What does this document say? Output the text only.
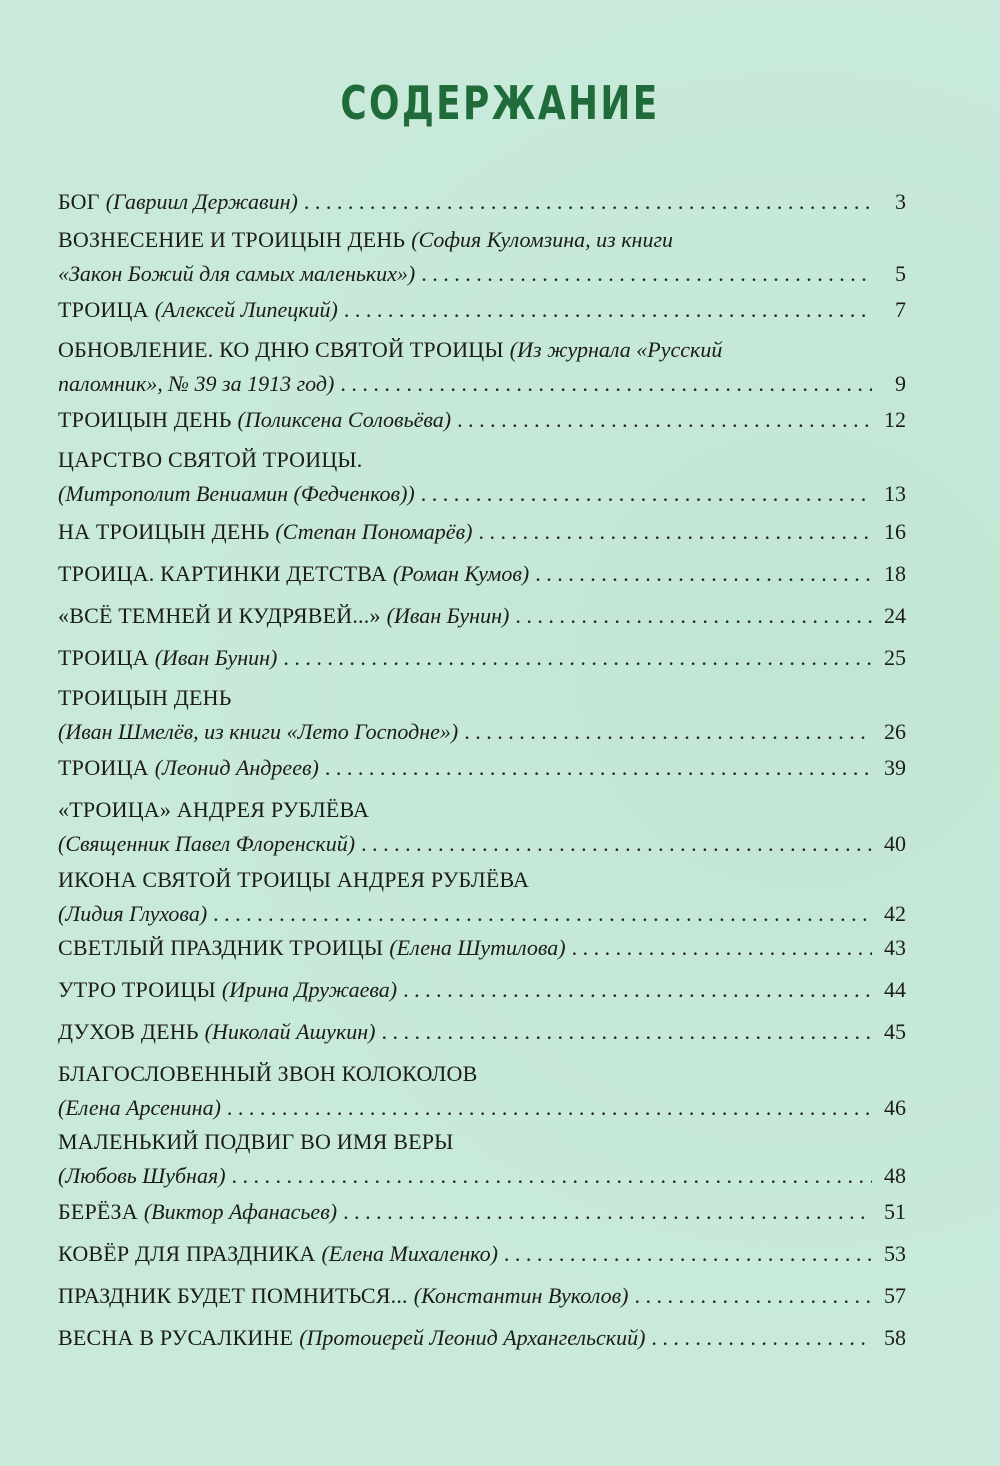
СОДЕРЖАНИЕ
БОГ (Гавриил Державин) . . .	3
ВОЗНЕСЕНИЕ И ТРОИЦЫН ДЕНЬ (София Куломзина, из книги
«Закон Божий для самых маленьких») . . .	5
ТРОИЦА (Алексей Липецкий) . . .	7
ОБНОВЛЕНИЕ. КО ДНЮ СВЯТОЙ ТРОИЦЫ (Из журнала «Русский
паломник», № 39 за 1913 год) . . .	9
ТРОИЦЫН ДЕНЬ (Поликсена Соловьёва) . . .	12
ЦАРСТВО СВЯТОЙ ТРОИЦЫ.
(Митрополит Вениамин (Федченков)) . . .	13
НА ТРОИЦЫН ДЕНЬ (Степан Пономарёв) . . .	16
ТРОИЦА. КАРТИНКИ ДЕТСТВА (Роман Кумов) . . .	18
«ВСЁ ТЕМНЕЙ И КУДРЯВЕЙ...» (Иван Бунин) . . .	24
ТРОИЦА (Иван Бунин) . . .	25
ТРОИЦЫН ДЕНЬ
(Иван Шмелёв, из книги «Лето Господне») . . .	26
ТРОИЦА (Леонид Андреев) . . .	39
«ТРОИЦА» АНДРЕЯ РУБЛЁВА
(Священник Павел Флоренский) . . .	40
ИКОНА СВЯТОЙ ТРОИЦЫ АНДРЕЯ РУБЛЁВА
(Лидия Глухова) . . .	42
СВЕТЛЫЙ ПРАЗДНИК ТРОИЦЫ (Елена Шутилова) . . .	43
УТРО ТРОИЦЫ (Ирина Дружаева) . . .	44
ДУХОВ ДЕНЬ (Николай Ашукин) . . .	45
БЛАГОСЛОВЕННЫЙ ЗВОН КОЛОКОЛОВ
(Елена Арсенина) . . .	46
МАЛЕНЬКИЙ ПОДВИГ ВО ИМЯ ВЕРЫ
(Любовь Шубная) . . .	48
БЕРЁЗА (Виктор Афанасьев) . . .	51
КОВЁР ДЛЯ ПРАЗДНИКА (Елена Михаленко) . . .	53
ПРАЗДНИК БУДЕТ ПОМНИТЬСЯ... (Константин Вуколов) . . .	57
ВЕСНА В РУСАЛКИНЕ (Протоиерей Леонид Архангельский) . . .	58
